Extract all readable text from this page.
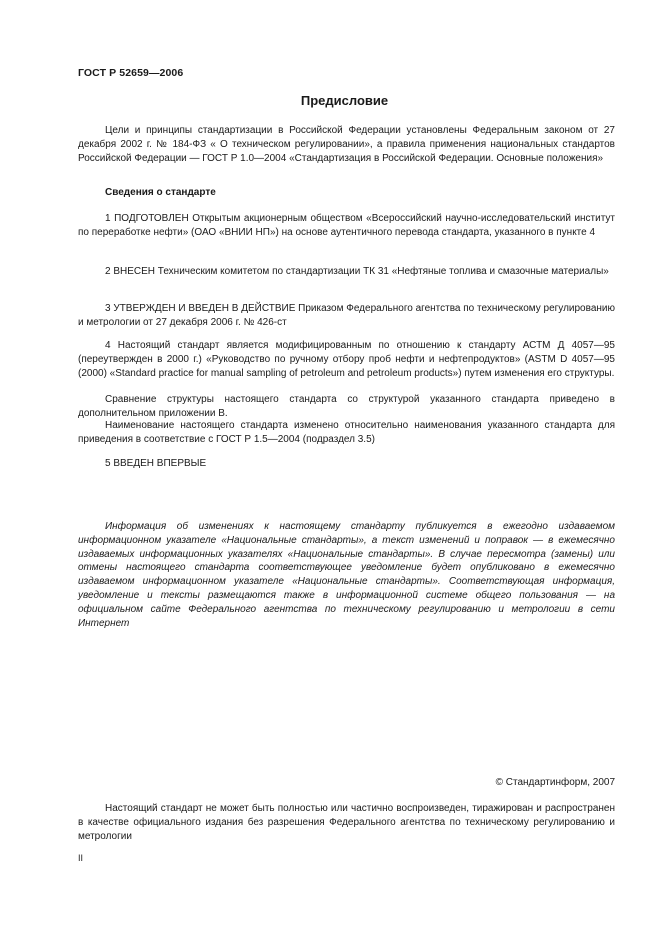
ГОСТ Р 52659—2006
Предисловие
Цели и принципы стандартизации в Российской Федерации установлены Федеральным законом от 27 декабря 2002 г. № 184-ФЗ « О техническом регулировании», а правила применения национальных стандартов Российской Федерации — ГОСТ Р 1.0—2004 «Стандартизация в Российской Федерации. Основные положения»
Сведения о стандарте
1 ПОДГОТОВЛЕН Открытым акционерным обществом «Всероссийский научно-исследовательский институт по переработке нефти» (ОАО «ВНИИ НП») на основе аутентичного перевода стандарта, указанного в пункте 4
2 ВНЕСЕН Техническим комитетом по стандартизации ТК 31 «Нефтяные топлива и смазочные материалы»
3 УТВЕРЖДЕН И ВВЕДЕН В ДЕЙСТВИЕ Приказом Федерального агентства по техническому регулированию и метрологии от 27 декабря 2006 г. № 426-ст
4 Настоящий стандарт является модифицированным по отношению к стандарту АСТМ Д 4057—95 (переутвержден в 2000 г.) «Руководство по ручному отбору проб нефти и нефтепродуктов» (ASTM D 4057—95 (2000) «Standard practice for manual sampling of petroleum and petroleum products») путем изменения его структуры.
Сравнение структуры настоящего стандарта со структурой указанного стандарта приведено в дополнительном приложении В.
Наименование настоящего стандарта изменено относительно наименования указанного стандарта для приведения в соответствие с ГОСТ Р 1.5—2004 (подраздел 3.5)
5 ВВЕДЕН ВПЕРВЫЕ
Информация об изменениях к настоящему стандарту публикуется в ежегодно издаваемом информационном указателе «Национальные стандарты», а текст изменений и поправок — в ежемесячно издаваемых информационных указателях «Национальные стандарты». В случае пересмотра (замены) или отмены настоящего стандарта соответствующее уведомление будет опубликовано в ежемесячно издаваемом информационном указателе «Национальные стандарты». Соответствующая информация, уведомление и тексты размещаются также в информационной системе общего пользования — на официальном сайте Федерального агентства по техническому регулированию и метрологии в сети Интернет
© Стандартинформ, 2007
Настоящий стандарт не может быть полностью или частично воспроизведен, тиражирован и распространен в качестве официального издания без разрешения Федерального агентства по техническому регулированию и метрологии
II
